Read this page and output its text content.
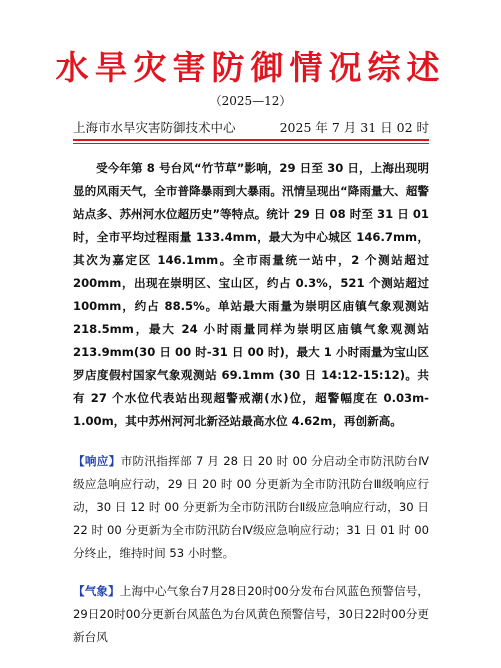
水旱灾害防御情况综述
（2025—12）
上海市水旱灾害防御技术中心	2025 年 7 月 31 日 02 时
受今年第 8 号台风“竹节草”影响，29 日至 30 日，上海出现明显的风雨天气，全市普降暴雨到大暴雨。汛情呈现出“降雨量大、超警站点多、苏州河水位超历史”等特点。统计 29 日 08 时至 31 日 01 时，全市平均过程雨量 133.4mm，最大为中心城区 146.7mm，其次为嘉定区 146.1mm。全市雨量统一站中，2 个测站超过 200mm，出现在崇明区、宝山区，约占 0.3%，521 个测站超过 100mm，约占 88.5%。单站最大雨量为崇明区庙镇气象观测站 218.5mm，最大 24 小时雨量同样为崇明区庙镇气象观测站 213.9mm(30 日 00 时-31 日 00 时)，最大 1 小时雨量为宝山区罗店度假村国家气象观测站 69.1mm (30 日 14:12-15:12)。共有 27 个水位代表站出现超警戒潮(水)位，超警幅度在 0.03m-1.00m，其中苏州河河北新泾站最高水位 4.62m，再创新高。
【响应】市防汛指挥部 7 月 28 日 20 时 00 分启动全市防汛防台Ⅳ级应急响应行动，29 日 20 时 00 分更新为全市防汛防台Ⅲ级响应行动，30 日 12 时 00 分更新为全市防汛防台Ⅱ级应急响应行动，30 日 22 时 00 分更新为全市防汛防台Ⅳ级应急响应行动；31 日 01 时 00 分终止，维持时间 53 小时整。
【气象】上海中心气象台7月28日20时00分发布台风蓝色预警信号，29日20时00分更新台风蓝色为台风黄色预警信号，30日22时00分更新台风
